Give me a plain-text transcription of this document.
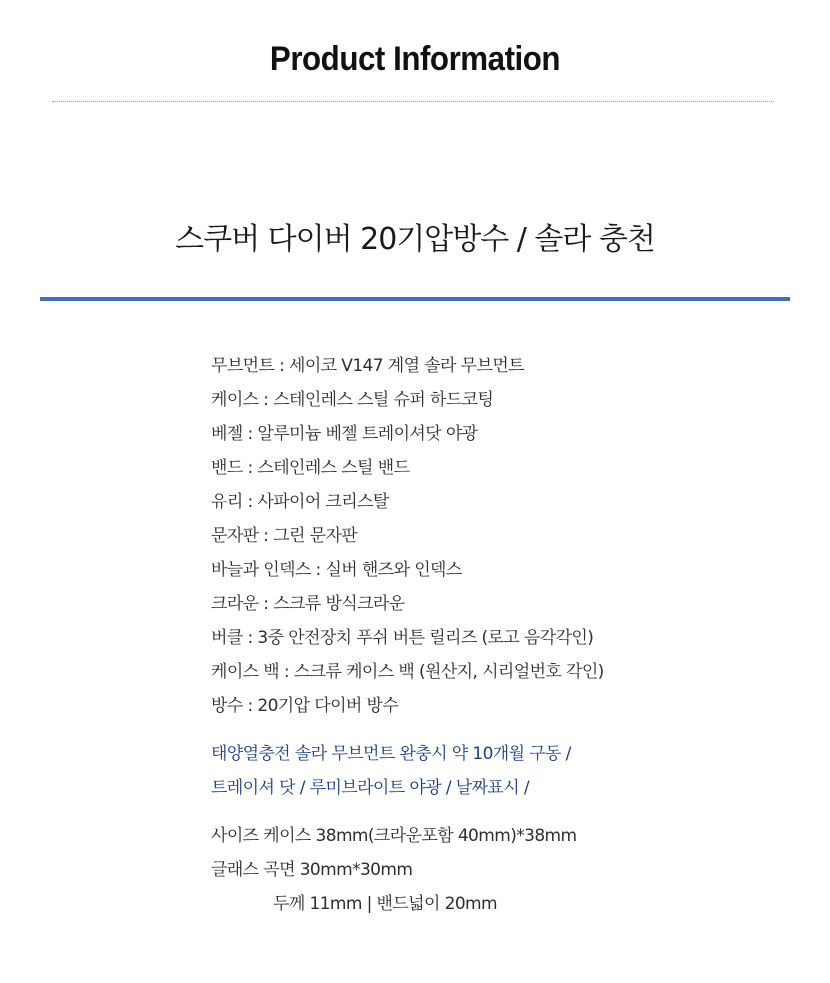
Product Information
스쿠버 다이버 20기압방수 / 솔라 충천
무브먼트 : 세이코 V147 계열 솔라 무브먼트
케이스 : 스테인레스 스틸 슈퍼 하드코팅
베젤 : 알루미늄 베젤 트레이셔닷 야광
밴드 : 스테인레스 스틸 밴드
유리 : 사파이어 크리스탈
문자판 : 그린 문자판
바늘과 인덱스 : 실버 핸즈와 인덱스
크라운 : 스크류 방식크라운
버클 : 3중 안전장치 푸쉬 버튼 릴리즈 (로고 음각각인)
케이스 백 : 스크류 케이스 백 (원산지, 시리얼번호 각인)
방수 : 20기압 다이버 방수
태양열충전 솔라 무브먼트 완충시 약 10개월 구동 /
트레이셔 닷 / 루미브라이트 야광 / 날짜표시 /
사이즈 케이스 38mm(크라운포함 40mm)*38mm
글래스 곡면 30mm*30mm
두께 11mm | 밴드넓이 20mm
